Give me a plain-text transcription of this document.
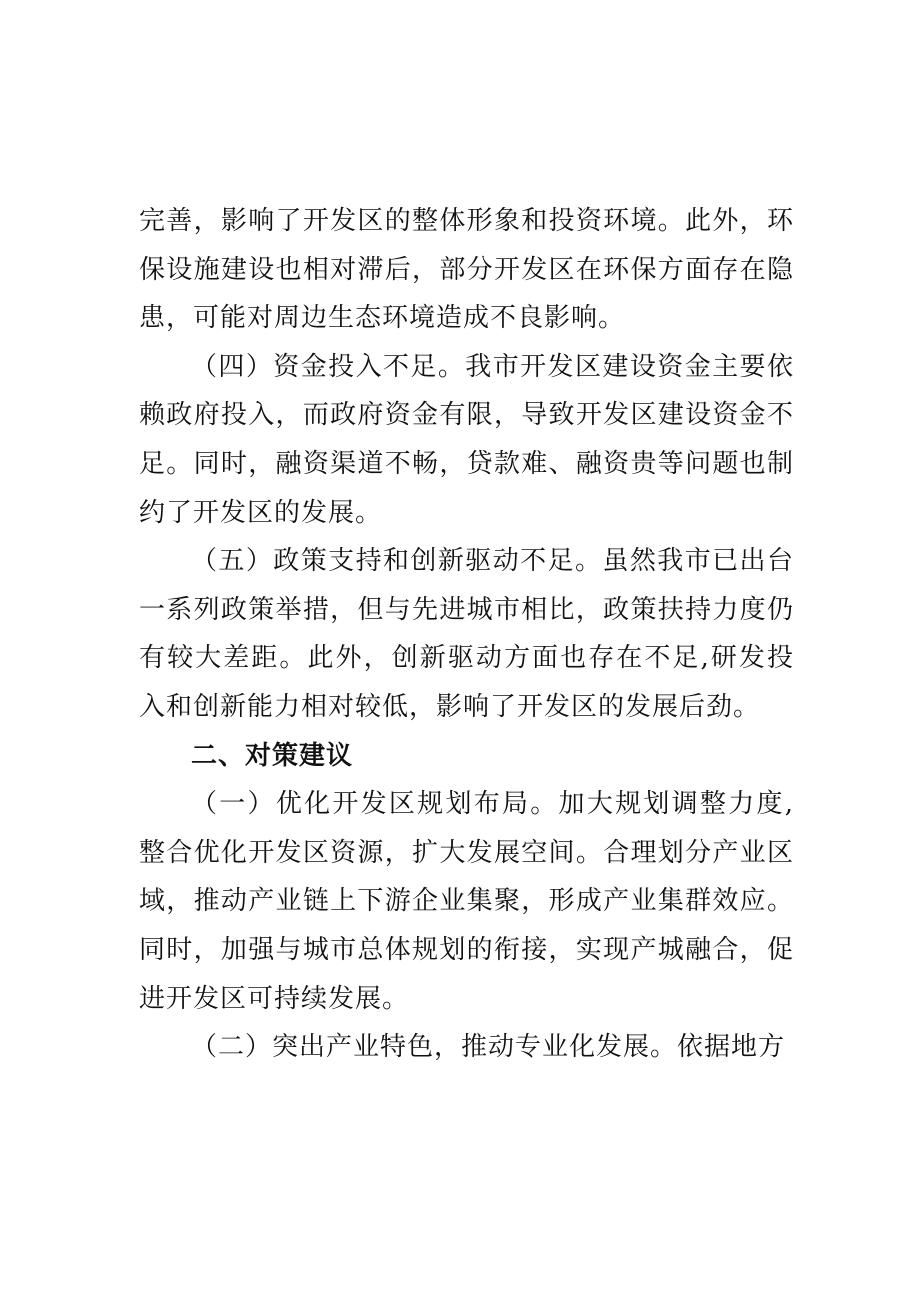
完善，影响了开发区的整体形象和投资环境。此外，环保设施建设也相对滞后，部分开发区在环保方面存在隐患，可能对周边生态环境造成不良影响。

（四）资金投入不足。我市开发区建设资金主要依赖政府投入，而政府资金有限，导致开发区建设资金不足。同时，融资渠道不畅，贷款难、融资贵等问题也制约了开发区的发展。

（五）政策支持和创新驱动不足。虽然我市已出台一系列政策举措，但与先进城市相比，政策扶持力度仍有较大差距。此外，创新驱动方面也存在不足,研发投入和创新能力相对较低，影响了开发区的发展后劲。

二、对策建议

（一）优化开发区规划布局。加大规划调整力度,整合优化开发区资源，扩大发展空间。合理划分产业区域，推动产业链上下游企业集聚，形成产业集群效应。同时，加强与城市总体规划的衔接，实现产城融合，促进开发区可持续发展。

（二）突出产业特色，推动专业化发展。依据地方
